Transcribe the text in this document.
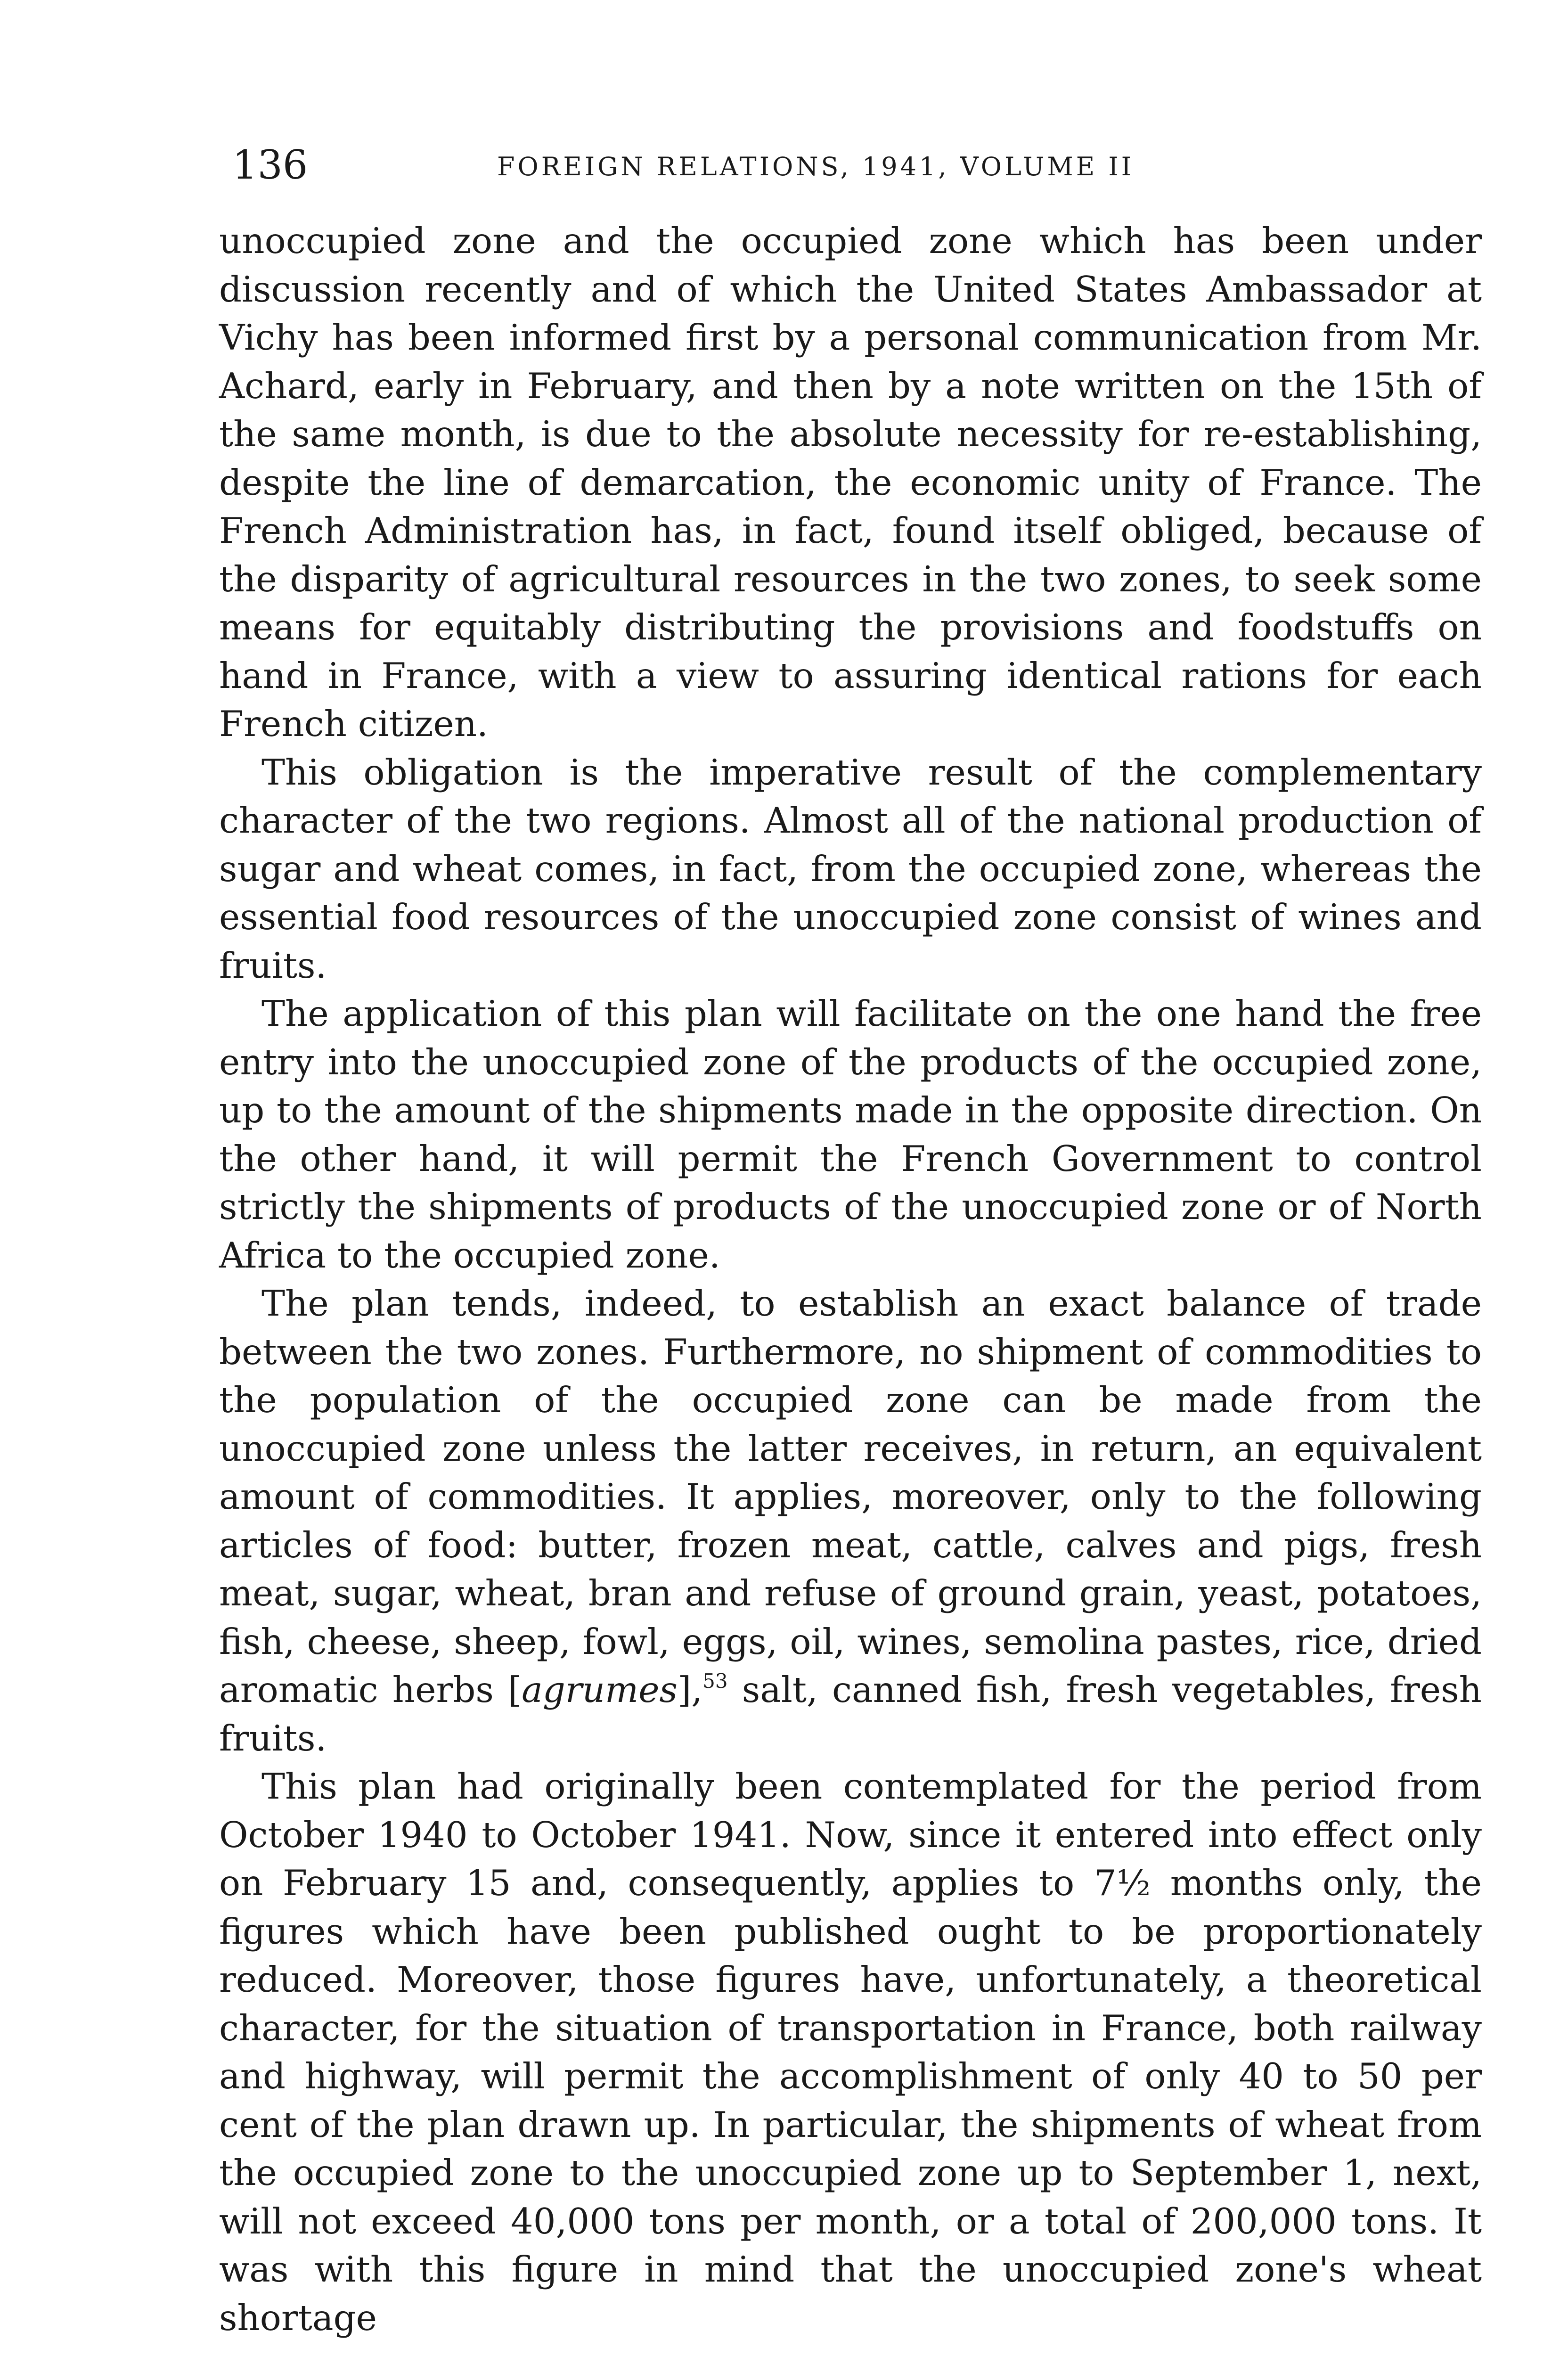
136	FOREIGN RELATIONS, 1941, VOLUME II

unoccupied zone and the occupied zone which has been under discussion recently and of which the United States Ambassador at Vichy has been informed first by a personal communication from Mr. Achard, early in February, and then by a note written on the 15th of the same month, is due to the absolute necessity for re-establishing, despite the line of demarcation, the economic unity of France. The French Administration has, in fact, found itself obliged, because of the disparity of agricultural resources in the two zones, to seek some means for equitably distributing the provisions and foodstuffs on hand in France, with a view to assuring identical rations for each French citizen.

This obligation is the imperative result of the complementary character of the two regions. Almost all of the national production of sugar and wheat comes, in fact, from the occupied zone, whereas the essential food resources of the unoccupied zone consist of wines and fruits.

The application of this plan will facilitate on the one hand the free entry into the unoccupied zone of the products of the occupied zone, up to the amount of the shipments made in the opposite direction. On the other hand, it will permit the French Government to control strictly the shipments of products of the unoccupied zone or of North Africa to the occupied zone.

The plan tends, indeed, to establish an exact balance of trade between the two zones. Furthermore, no shipment of commodities to the population of the occupied zone can be made from the unoccupied zone unless the latter receives, in return, an equivalent amount of commodities. It applies, moreover, only to the following articles of food: butter, frozen meat, cattle, calves and pigs, fresh meat, sugar, wheat, bran and refuse of ground grain, yeast, potatoes, fish, cheese, sheep, fowl, eggs, oil, wines, semolina pastes, rice, dried aromatic herbs [agrumes],$^{53}$ salt, canned fish, fresh vegetables, fresh fruits.

This plan had originally been contemplated for the period from October 1940 to October 1941. Now, since it entered into effect only on February 15 and, consequently, applies to 7½ months only, the figures which have been published ought to be proportionately reduced. Moreover, those figures have, unfortunately, a theoretical character, for the situation of transportation in France, both railway and highway, will permit the accomplishment of only 40 to 50 per cent of the plan drawn up. In particular, the shipments of wheat from the occupied zone to the unoccupied zone up to September 1, next, will not exceed 40,000 tons per month, or a total of 200,000 tons. It was with this figure in mind that the unoccupied zone's wheat shortage
